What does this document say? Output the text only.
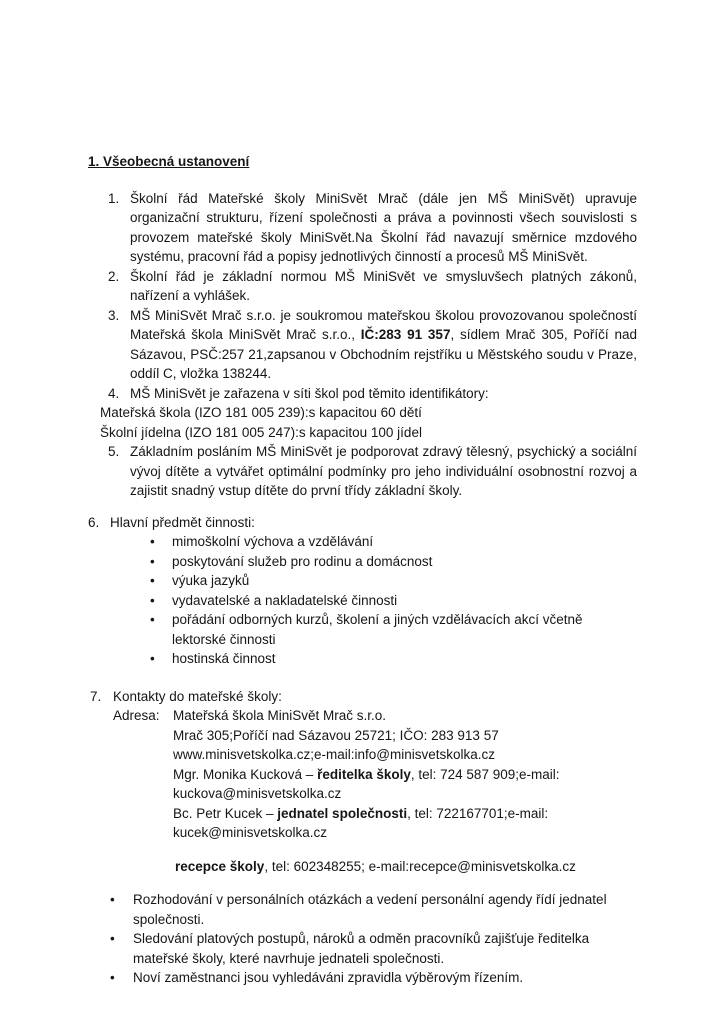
1. Všeobecná ustanovení
1. Školní řád Mateřské školy MiniSvět Mrač (dále jen MŠ MiniSvět) upravuje organizační strukturu, řízení společnosti a práva a povinnosti všech souvislosti s provozem mateřské školy MiniSvět.Na Školní řád navazují směrnice mzdového systému, pracovní řád a popisy jednotlivých činností a procesů MŠ MiniSvět.
2. Školní řád je základní normou MŠ MiniSvět ve smysluvšech platných zákonů, nařízení a vyhlášek.
3. MŠ MiniSvět Mrač s.r.o. je soukromou mateřskou školou provozovanou společností Mateřská škola MiniSvět Mrač s.r.o., IČ:283 91 357, sídlem Mrač 305, Poříčí nad Sázavou, PSČ:257 21,zapsanou v Obchodním rejstříku u Městského soudu v Praze, oddíl C, vložka 138244.
4. MŠ MiniSvět je zařazena v síti škol pod těmito identifikátory:
Mateřská škola (IZO 181 005 239):s kapacitou 60 dětí
Školní jídelna (IZO 181 005 247):s kapacitou 100 jídel
5. Základním posláním MŠ MiniSvět je podporovat zdravý tělesný, psychický a sociální vývoj dítěte a vytvářet optimální podmínky pro jeho individuální osobnostní rozvoj a zajistit snadný vstup dítěte do první třídy základní školy.
6. Hlavní předmět činnosti:
•	mimoškolní výchova a vzdělávání
•	poskytování služeb pro rodinu a domácnost
•	výuka jazyků
•	vydavatelské a nakladatelské činnosti
•	pořádání odborných kurzů, školení a jiných vzdělávacích akcí včetně lektorské činnosti
•	hostinská činnost
7. Kontakty do mateřské školy:
Adresa: Mateřská škola MiniSvět Mrač s.r.o.
Mrač 305;Poříčí nad Sázavou 25721; IČO: 283 913 57
www.minisvetskolka.cz;e-mail:info@minisvetskolka.cz
Mgr. Monika Kucková – ředitelka školy, tel: 724 587 909;e-mail:
kuckova@minisvetskolka.cz
Bc. Petr Kucek – jednatel společnosti, tel: 722167701;e-mail:
kucek@minisvetskolka.cz
recepce školy, tel: 602348255; e-mail:recepce@minisvetskolka.cz
•	Rozhodování v personálních otázkách a vedení personální agendy řídí jednatel společnosti.
•	Sledování platových postupů, nároků a odměn pracovníků zajišťuje ředitelka mateřské školy, které navrhuje jednateli společnosti.
•	Noví zaměstnanci jsou vyhledáváni zpravidla výběrovým řízením.
